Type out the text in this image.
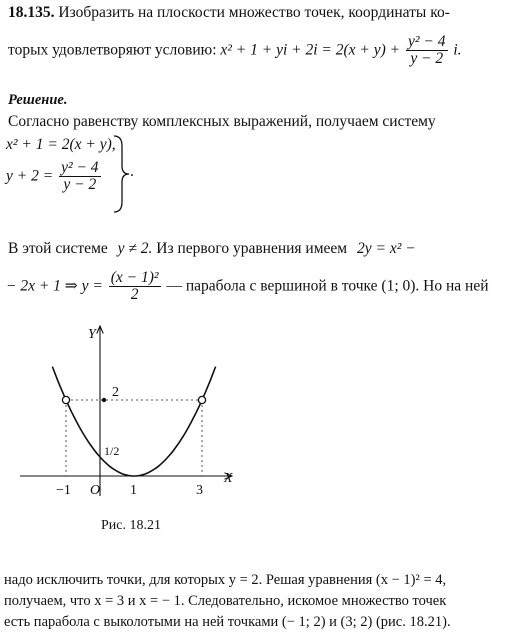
18.135. Изобразить на плоскости множество точек, координаты ко-
торых удовлетворяют условию: x² + 1 + yi + $2i = 2(x + y) + \frac{\text{y² − 4}}{y - 2} i$.
Решение.
Согласно равенству комплексных выражений, получаем систему
x² + 1 = 2(x + y),
$y + 2 = \frac{\text{y² − 4}}{y - 2}$ .
В этой системе y ≠ 2. Из первого уравнения имеем 2y = x² −
− 2x + 1 ⇒ $y = \frac{\text{(x − 1)²}}{2}$ — парабола с вершиной в точке (1; 0). Но на ней
Y
X
−1 O 1	3
1/2
2
Рис. 18.21
надо исключить точки, для которых y = 2. Решая уравнения (x − 1)² = 4,
получаем, что x = 3 и x = − 1. Следовательно, искомое множество точек
есть парабола с выколотыми на ней точками (− 1; 2) и (3; 2) (рис. 18.21).
